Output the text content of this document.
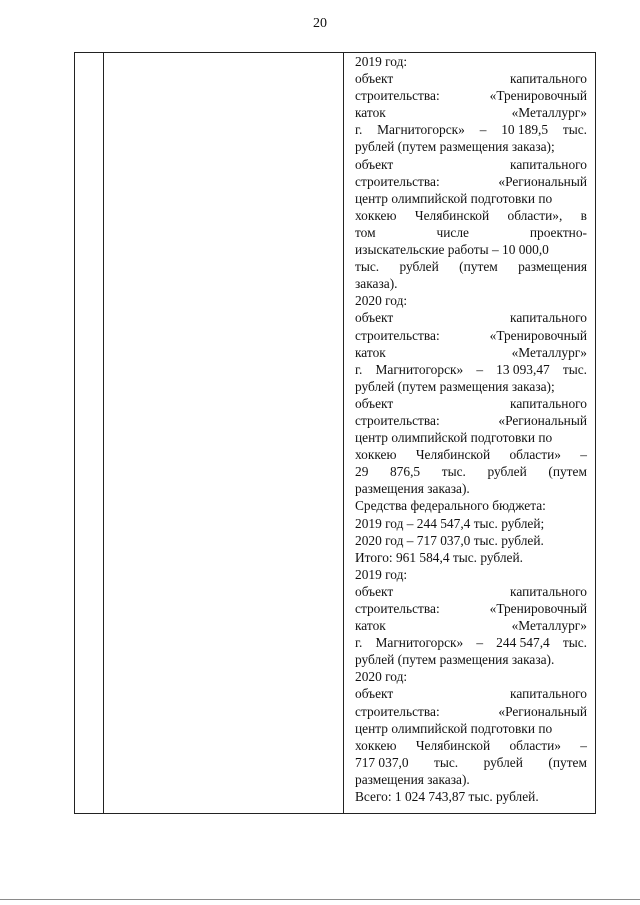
20
2019 год:
объект	капитального
строительства:	«Тренировочный
каток	«Металлург»
г. Магнитогорск» – 10 189,5 тыс.
рублей (путем размещения заказа);
объект	капитального
строительства:	«Региональный
центр олимпийской подготовки по
хоккею Челябинской области», в
том	числе	проектно-
изыскательские работы – 10 000,0
тыс. рублей (путем размещения
заказа).
2020 год:
объект	капитального
строительства:	«Тренировочный
каток	«Металлург»
г. Магнитогорск» – 13 093,47 тыс.
рублей (путем размещения заказа);
объект	капитального
строительства:	«Региональный
центр олимпийской подготовки по
хоккею Челябинской области» –
29 876,5 тыс. рублей (путем
размещения заказа).
Средства федерального бюджета:
2019 год – 244 547,4 тыс. рублей;
2020 год – 717 037,0 тыс. рублей.
Итого: 961 584,4 тыс. рублей.
2019 год:
объект	капитального
строительства:	«Тренировочный
каток	«Металлург»
г. Магнитогорск» – 244 547,4 тыс.
рублей (путем размещения заказа).
2020 год:
объект	капитального
строительства:	«Региональный
центр олимпийской подготовки по
хоккею Челябинской области» –
717 037,0 тыс. рублей (путем
размещения заказа).
Всего: 1 024 743,87 тыс. рублей.
